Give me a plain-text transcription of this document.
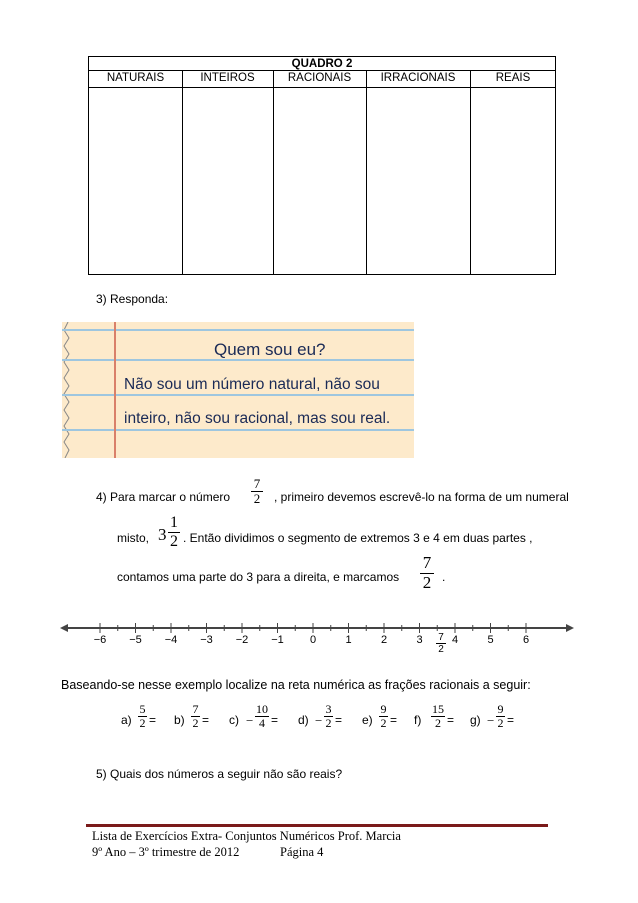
QUADRO 2
NATURAIS	INTEIROS	RACIONAIS	IRRACIONAIS	REAIS
3) Responda:
Quem sou eu?
Não sou um número natural, não sou
inteiro, não sou racional, mas sou real.
4) Para marcar o número $\frac{7}{2}$ , primeiro devemos escrevê-lo na forma de um numeral
misto, $3 \frac{1}{2}$ . Então dividimos o segmento de extremos 3 e 4 em duas partes ,
contamos uma parte do 3 para a direita, e marcamos $\frac{7}{2}$ .
−6	−5	−4	−3	−2	−1	0	1	2	3	4	5	6
$\frac{7}{2}$
Baseando-se nesse exemplo localize na reta numérica as frações racionais a seguir:
$a) \frac{5}{2} = b) \frac{7}{2} = c) - \frac{10}{4} = d) - \frac{3}{2} = e) \frac{9}{2} = f) \frac{15}{2} = g) - \frac{9}{2}$ =
5) Quais dos números a seguir não são reais?
Lista de Exercícios Extra- Conjuntos Numéricos Prof. Marcia
9º Ano – 3º trimestre de 2012	Página 4
